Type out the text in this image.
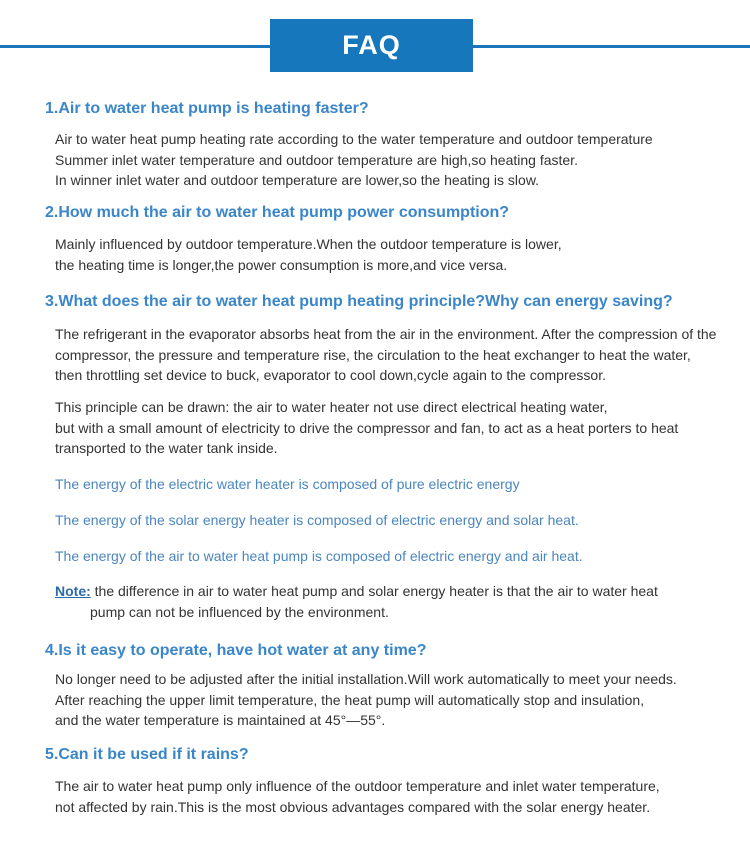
FAQ
1.Air to water heat pump is heating faster?
Air to water heat pump heating rate according to the water temperature and outdoor temperature
Summer inlet water temperature and outdoor temperature are high,so heating faster.
In winner inlet water and outdoor temperature are lower,so the heating is slow.
2.How much the air to water heat pump power consumption?
Mainly influenced by outdoor temperature.When the outdoor temperature is lower,
the heating time is longer,the power consumption is more,and vice versa.
3.What does the air to water heat pump heating principle?Why can energy saving?
The refrigerant in the evaporator absorbs heat from the air in the environment. After the compression of the
compressor, the pressure and temperature rise, the circulation to the heat exchanger to heat the water,
then throttling set device to buck, evaporator to cool down,cycle again to the compressor.
This principle can be drawn: the air to water heater not use direct electrical heating water,
but with a small amount of electricity to drive the compressor and fan, to act as a heat porters to heat
transported to the water tank inside.
The energy of the electric water heater is composed of pure electric energy
The energy of the solar energy heater is composed of electric energy and solar heat.
The energy of the air to water heat pump is composed of electric energy and air heat.
Note: the difference in air to water heat pump and solar energy heater is that the air to water heat
pump can not be influenced by the environment.
4.Is it easy to operate, have hot water at any time?
No longer need to be adjusted after the initial installation.Will work automatically to meet your needs.
After reaching the upper limit temperature, the heat pump will automatically stop and insulation,
and the water temperature is maintained at 45°—55°.
5.Can it be used if it rains?
The air to water heat pump only influence of the outdoor temperature and inlet water temperature,
not affected by rain.This is the most obvious advantages compared with the solar energy heater.
